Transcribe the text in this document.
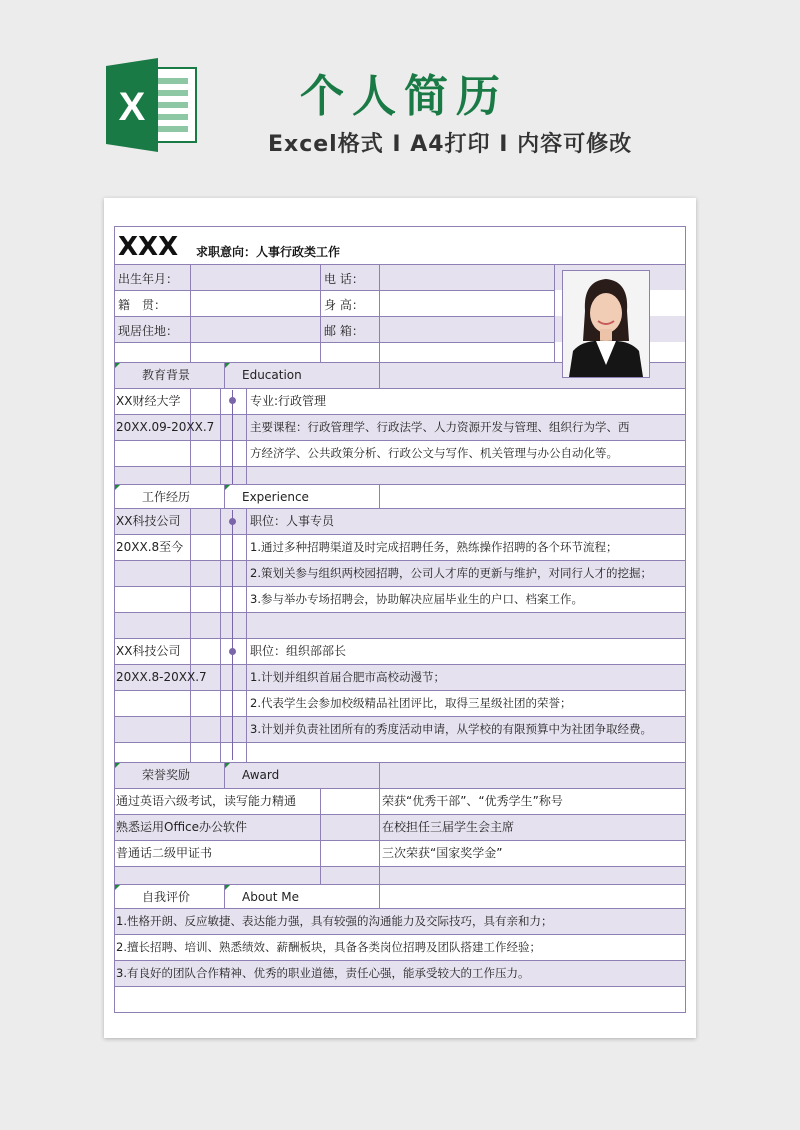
X	个人简历
Excel格式 I A4打印 I 内容可修改
XXX 求职意向：人事行政类工作
出生年月：	电 话：
籍　贯：	身 高：
现居住地：	邮 箱：
教育背景	Education
XX财经大学	专业:行政管理
20XX.09-20XX.7	主要课程：行政管理学、行政法学、人力资源开发与管理、组织行为学、西
方经济学、公共政策分析、行政公文与写作、机关管理与办公自动化等。
工作经历	Experience
XX科技公司	职位：人事专员
20XX.8至今	1.通过多种招聘渠道及时完成招聘任务，熟练操作招聘的各个环节流程；
2.策划关参与组织两校园招聘，公司人才库的更新与维护，对同行人才的挖掘；
3.参与举办专场招聘会，协助解决应届毕业生的户口、档案工作。
XX科技公司	职位：组织部部长
20XX.8-20XX.7	1.计划并组织首届合肥市高校动漫节；
2.代表学生会参加校级精品社团评比，取得三星级社团的荣誉；
3.计划并负责社团所有的秀度活动申请，从学校的有限预算中为社团争取经费。
荣誉奖励	Award
通过英语六级考试，读写能力精通	荣获“优秀干部”、“优秀学生”称号
熟悉运用Office办公软件	在校担任三届学生会主席
普通话二级甲证书	三次荣获“国家奖学金”
自我评价	About Me
1.性格开朗、反应敏捷、表达能力强，具有较强的沟通能力及交际技巧，具有亲和力；
2.擅长招聘、培训、熟悉绩效、薪酬板块，具备各类岗位招聘及团队搭建工作经验；
3.有良好的团队合作精神、优秀的职业道德，责任心强，能承受较大的工作压力。
